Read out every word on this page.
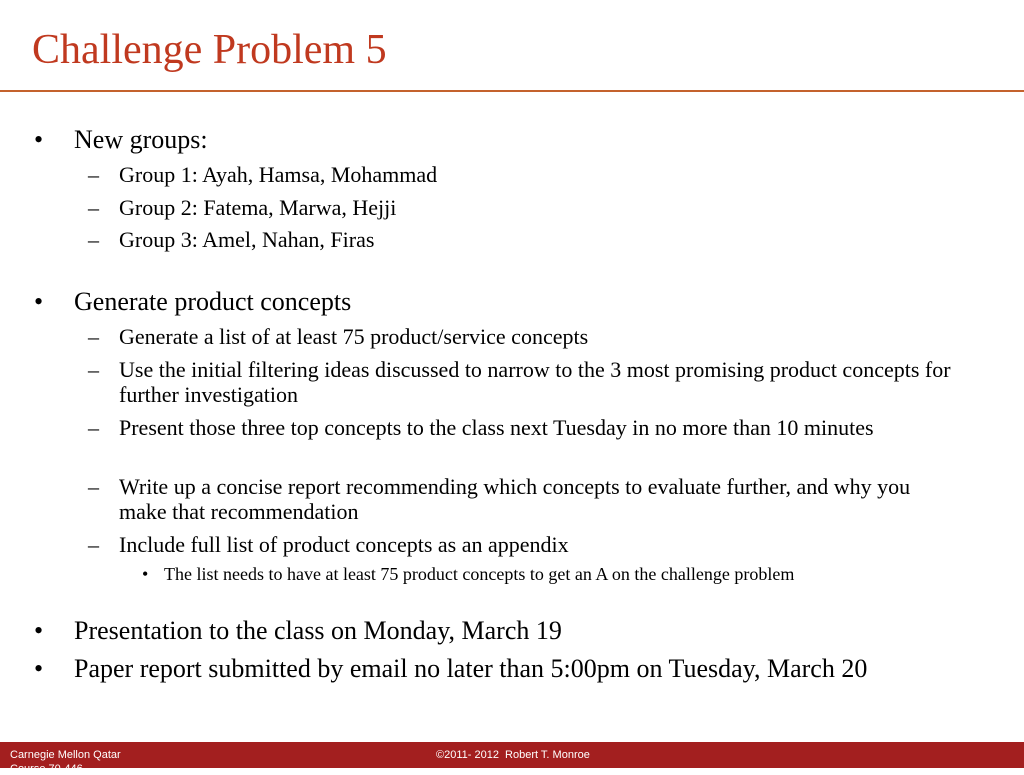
Challenge Problem 5
• New groups:
– Group 1: Ayah, Hamsa, Mohammad
– Group 2: Fatema, Marwa, Hejji
– Group 3: Amel, Nahan, Firas
• Generate product concepts
– Generate a list of at least 75 product/service concepts
– Use the initial filtering ideas discussed to narrow to the 3 most promising product concepts for further investigation
– Present those three top concepts to the class next Tuesday in no more than 10 minutes
– Write up a concise report recommending which concepts to evaluate further, and why you make that recommendation
– Include full list of product concepts as an appendix
• The list needs to have at least 75 product concepts to get an A on the challenge problem
• Presentation to the class on Monday, March 19
• Paper report submitted by email no later than 5:00pm on Tuesday, March 20
Carnegie Mellon Qatar
Course 70-446
©2011- 2012  Robert T. Monroe
